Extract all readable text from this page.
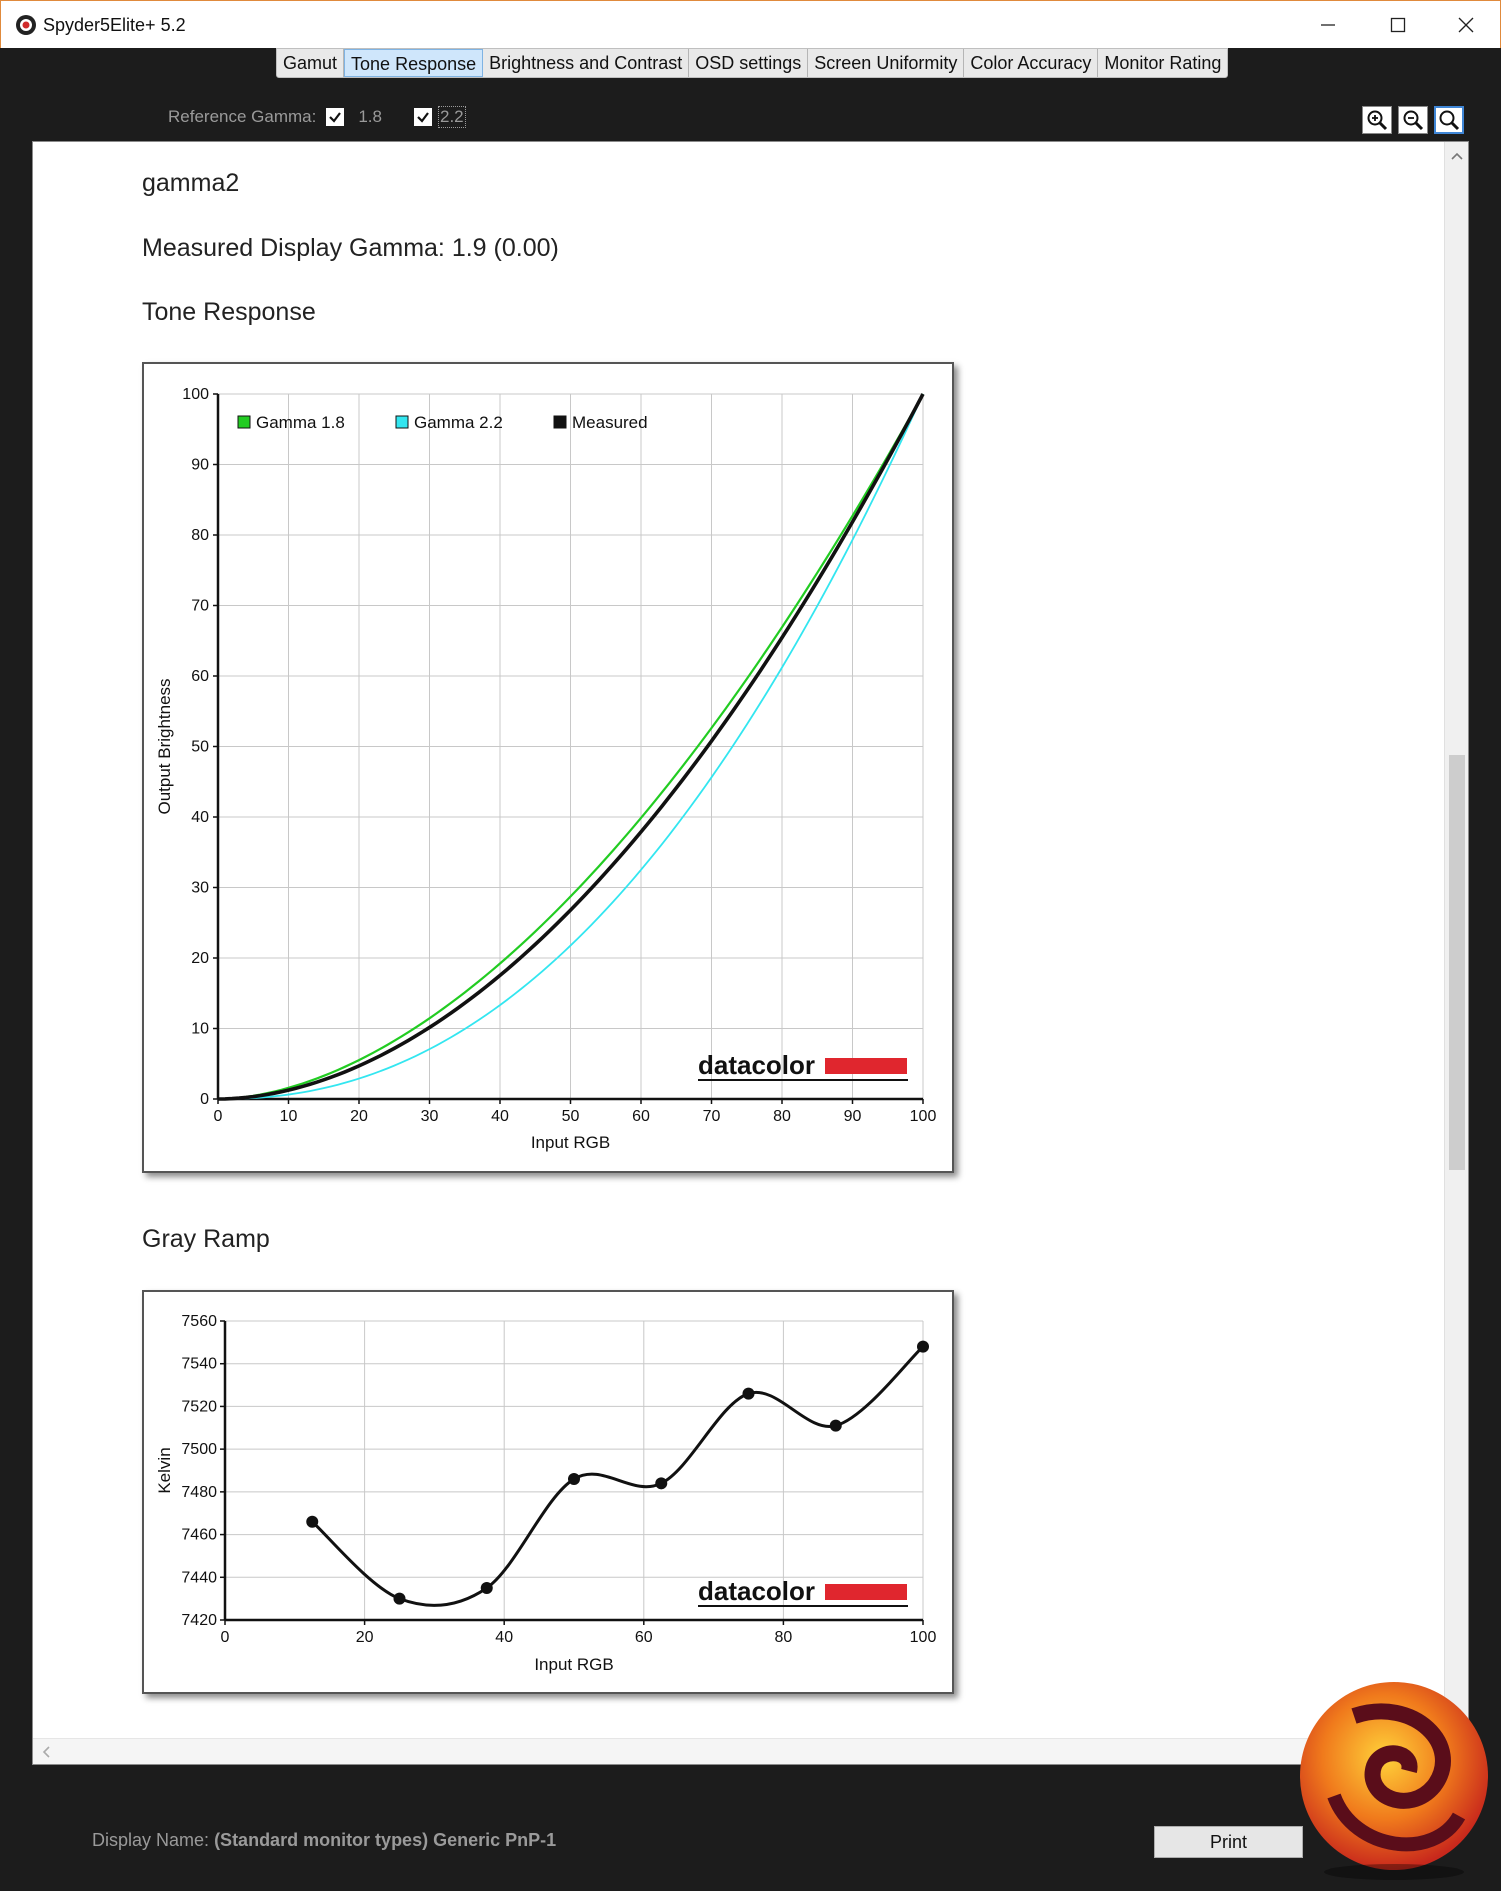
Spyder5Elite+ 5.2
Gamut Tone Response Brightness and Contrast OSD settings Screen Uniformity Color Accuracy Monitor Rating
Reference Gamma: 1.8	2.2
gamma2
Measured Display Gamma: 1.9 (0.00)
Tone Response
0	10	20	30	40	50	60	70	80	90	100
0
10
20
30
40
50
60
70
80
90
100
Input RGB
Output Brightness
Gamma 1.8	Gamma 2.2	Measured
datacolor
Gray Ramp
0	20	40	60	80	100
7420
7440
7460
7480
7500
7520
7540
7560
Input RGB
Kelvin
datacolor
Display Name: (Standard monitor types) Generic PnP-1	Print
